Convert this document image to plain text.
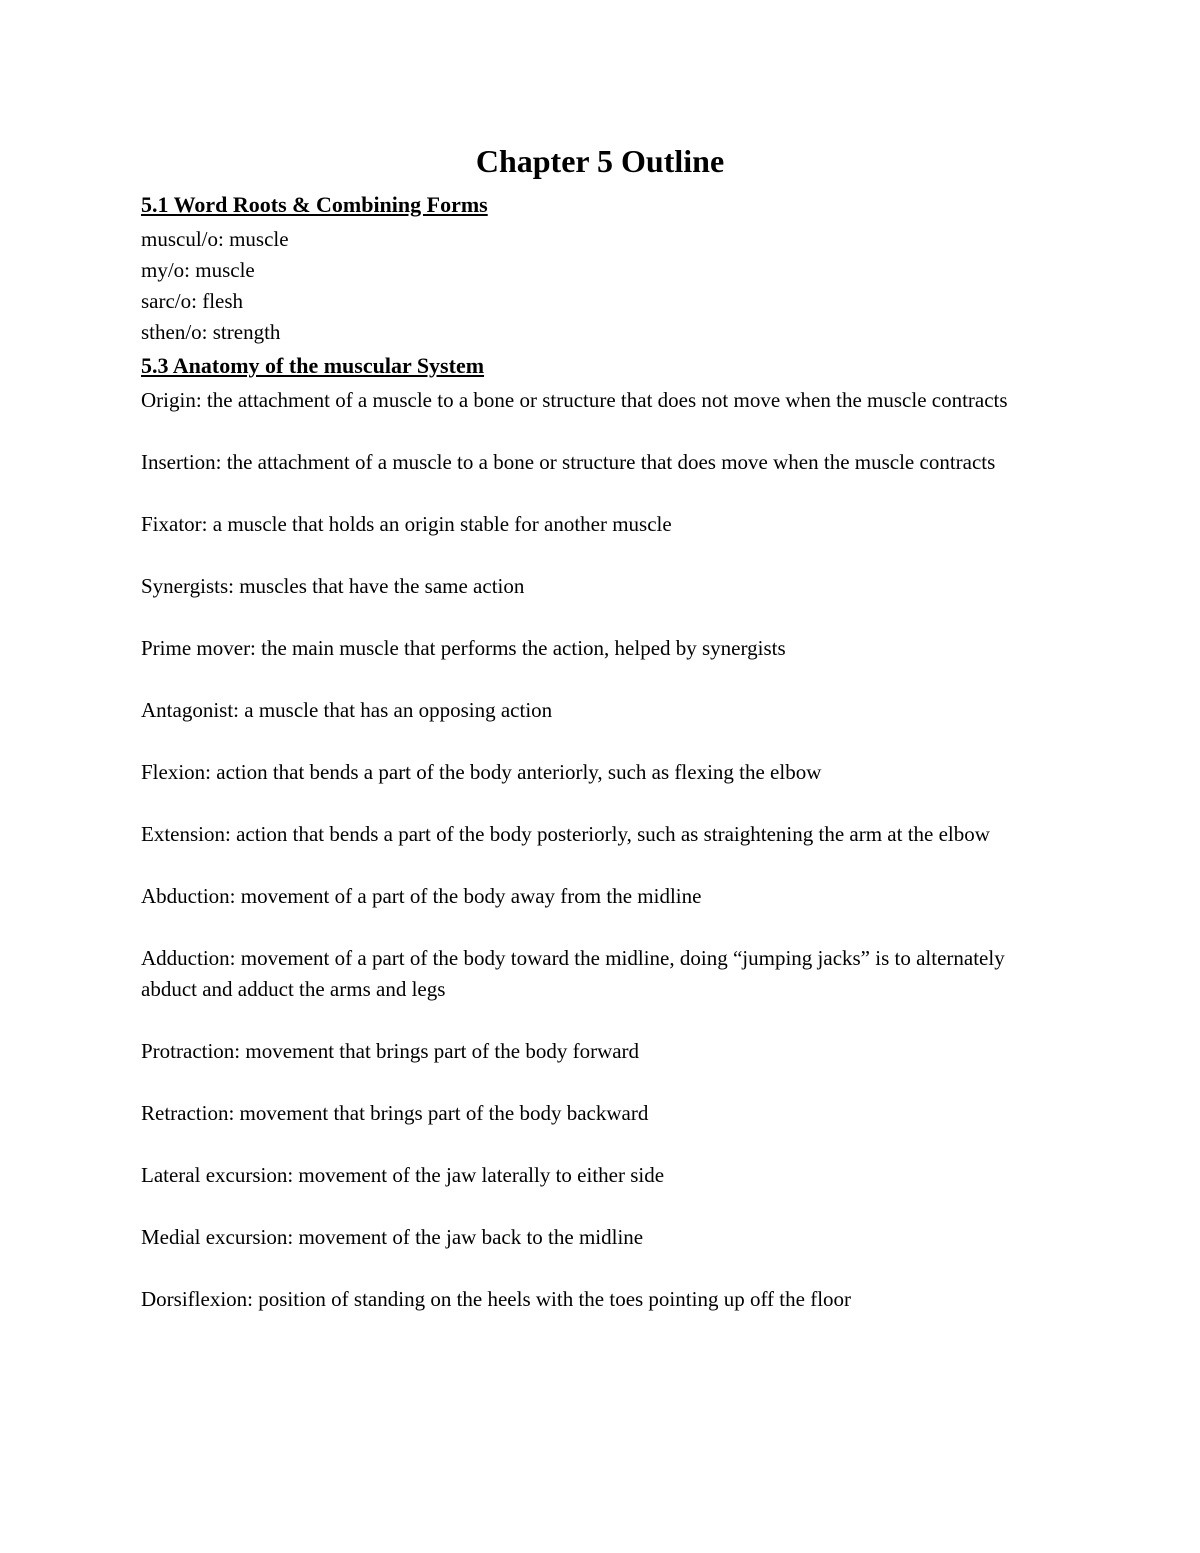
Chapter 5 Outline
5.1 Word Roots & Combining Forms
muscul/o: muscle
my/o: muscle
sarc/o: flesh
sthen/o: strength
5.3 Anatomy of the muscular System
Origin: the attachment of a muscle to a bone or structure that does not move when the muscle contracts
Insertion: the attachment of a muscle to a bone or structure that does move when the muscle contracts
Fixator: a muscle that holds an origin stable for another muscle
Synergists: muscles that have the same action
Prime mover: the main muscle that performs the action, helped by synergists
Antagonist: a muscle that has an opposing action
Flexion: action that bends a part of the body anteriorly, such as flexing the elbow
Extension: action that bends a part of the body posteriorly, such as straightening the arm at the elbow
Abduction: movement of a part of the body away from the midline
Adduction: movement of a part of the body toward the midline, doing “jumping jacks” is to alternately abduct and adduct the arms and legs
Protraction: movement that brings part of the body forward
Retraction: movement that brings part of the body backward
Lateral excursion: movement of the jaw laterally to either side
Medial excursion: movement of the jaw back to the midline
Dorsiflexion: position of standing on the heels with the toes pointing up off the floor
